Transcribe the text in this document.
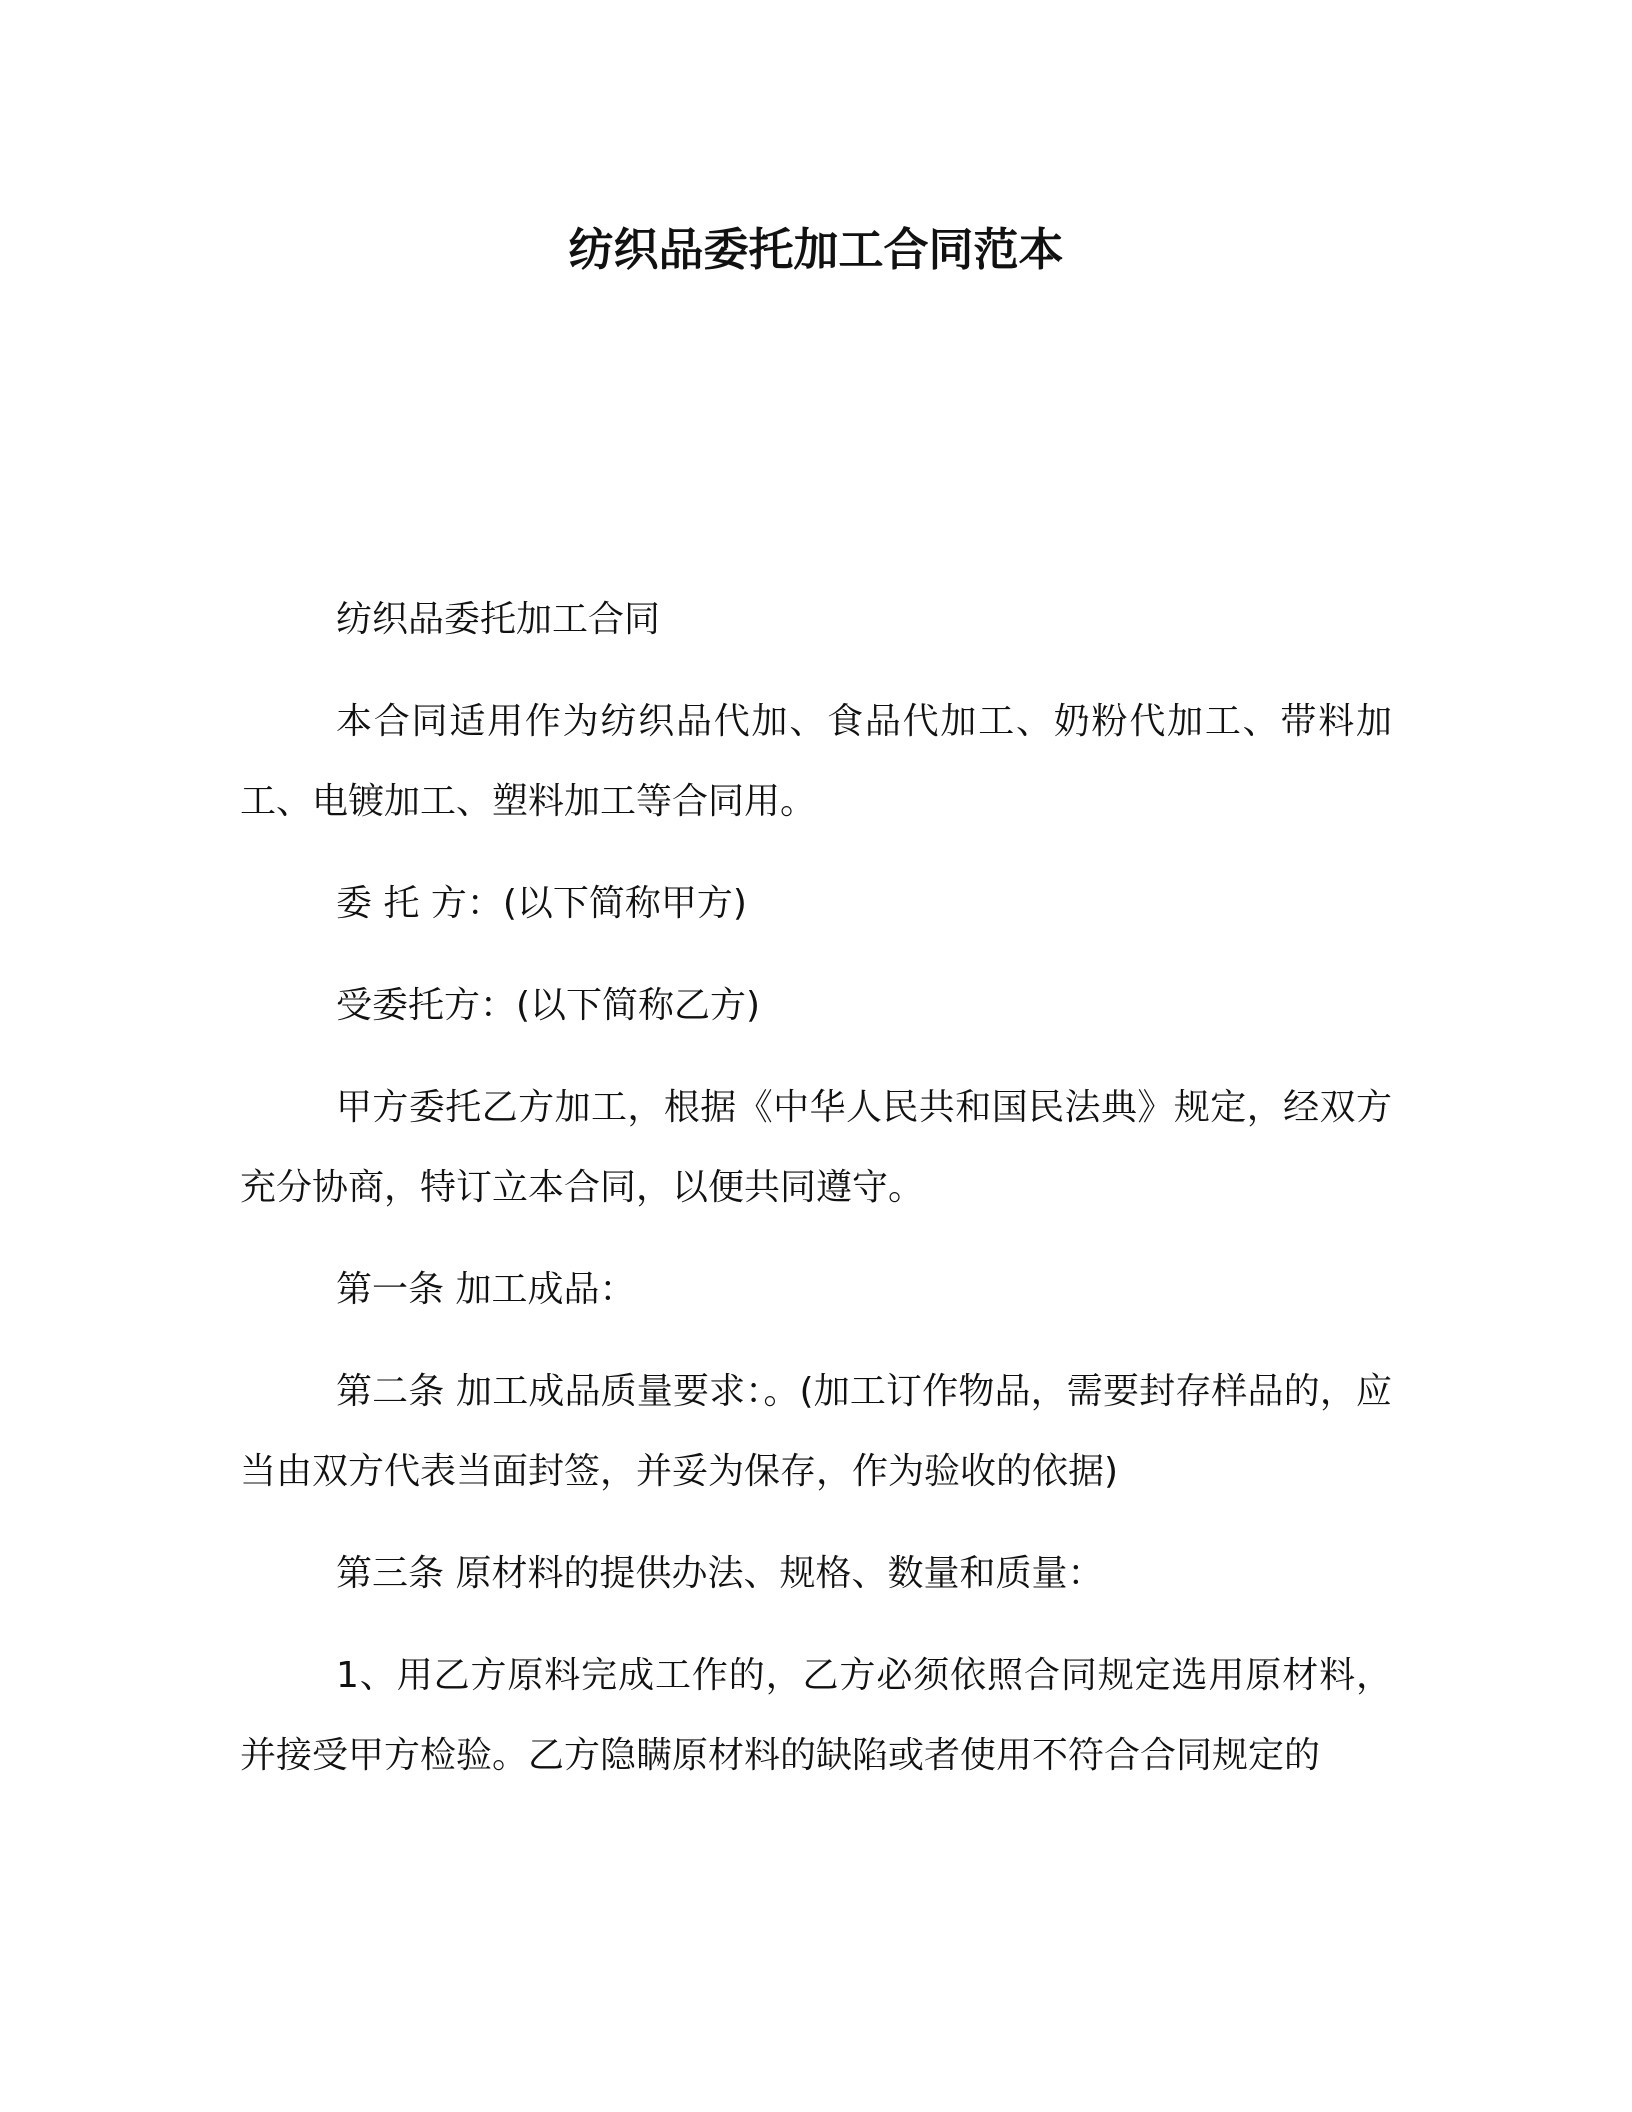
纺织品委托加工合同范本

纺织品委托加工合同

本合同适用作为纺织品代加、食品代加工、奶粉代加工、带料加工、电镀加工、塑料加工等合同用。

委 托 方：(以下简称甲方)

受委托方：(以下简称乙方)

甲方委托乙方加工，根据《中华人民共和国民法典》规定，经双方充分协商，特订立本合同，以便共同遵守。

第一条 加工成品：

第二条 加工成品质量要求：。(加工订作物品，需要封存样品的，应当由双方代表当面封签，并妥为保存，作为验收的依据)

第三条 原材料的提供办法、规格、数量和质量：

1、用乙方原料完成工作的，乙方必须依照合同规定选用原材料，并接受甲方检验。乙方隐瞒原材料的缺陷或者使用不符合合同规定的
